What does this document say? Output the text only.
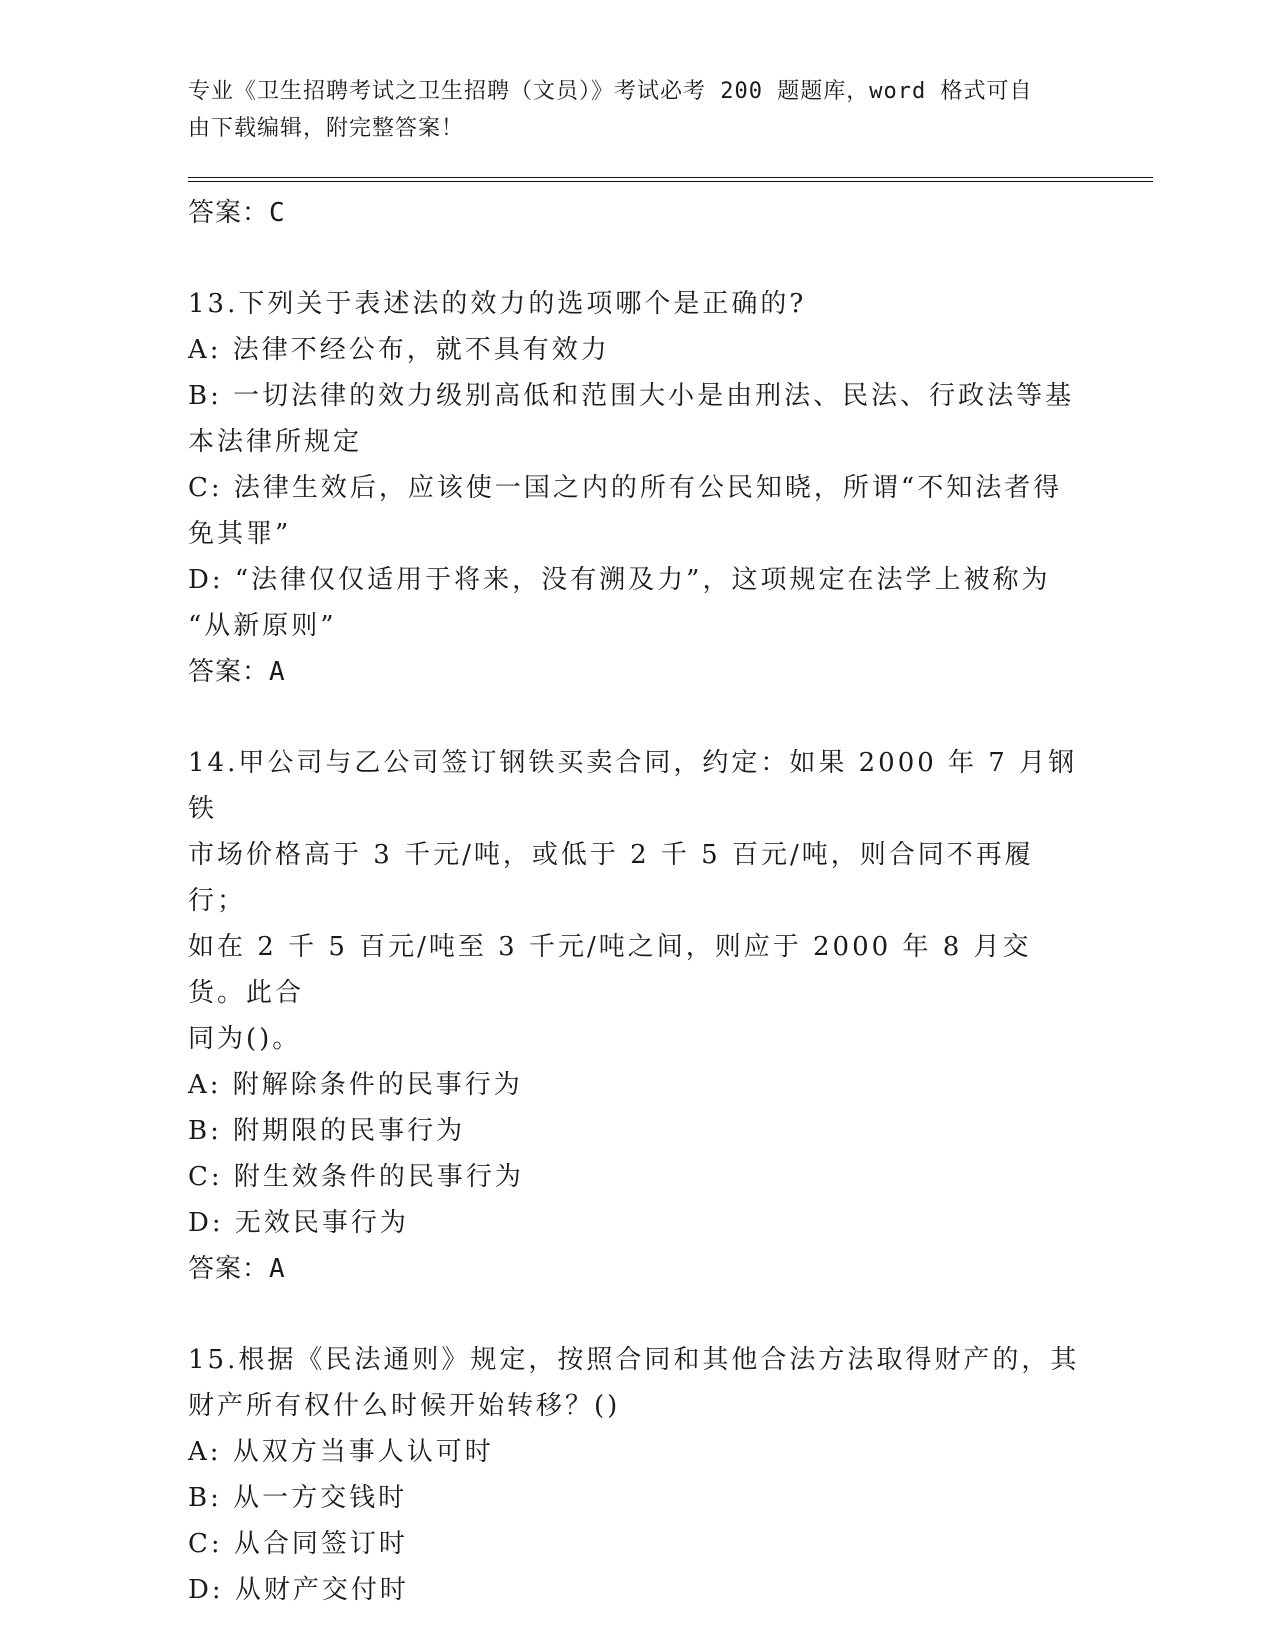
专业《卫生招聘考试之卫生招聘（文员）》考试必考 200 题题库，word 格式可自
由下载编辑，附完整答案！
答案：C
13.下列关于表述法的效力的选项哪个是正确的?
A: 法律不经公布，就不具有效力
B: 一切法律的效力级别高低和范围大小是由刑法、民法、行政法等基
本法律所规定
C: 法律生效后，应该使一国之内的所有公民知晓，所谓“不知法者得
免其罪”
D: “法律仅仅适用于将来，没有溯及力”，这项规定在法学上被称为
“从新原则”
答案：A
14.甲公司与乙公司签订钢铁买卖合同，约定：如果 2000 年 7 月钢铁
市场价格高于 3 千元/吨，或低于 2 千 5 百元/吨，则合同不再履行；
如在 2 千 5 百元/吨至 3 千元/吨之间，则应于 2000 年 8 月交货。此合
同为()。
A: 附解除条件的民事行为
B: 附期限的民事行为
C: 附生效条件的民事行为
D: 无效民事行为
答案：A
15.根据《民法通则》规定，按照合同和其他合法方法取得财产的，其
财产所有权什么时候开始转移？()
A: 从双方当事人认可时
B: 从一方交钱时
C: 从合同签订时
D: 从财产交付时
